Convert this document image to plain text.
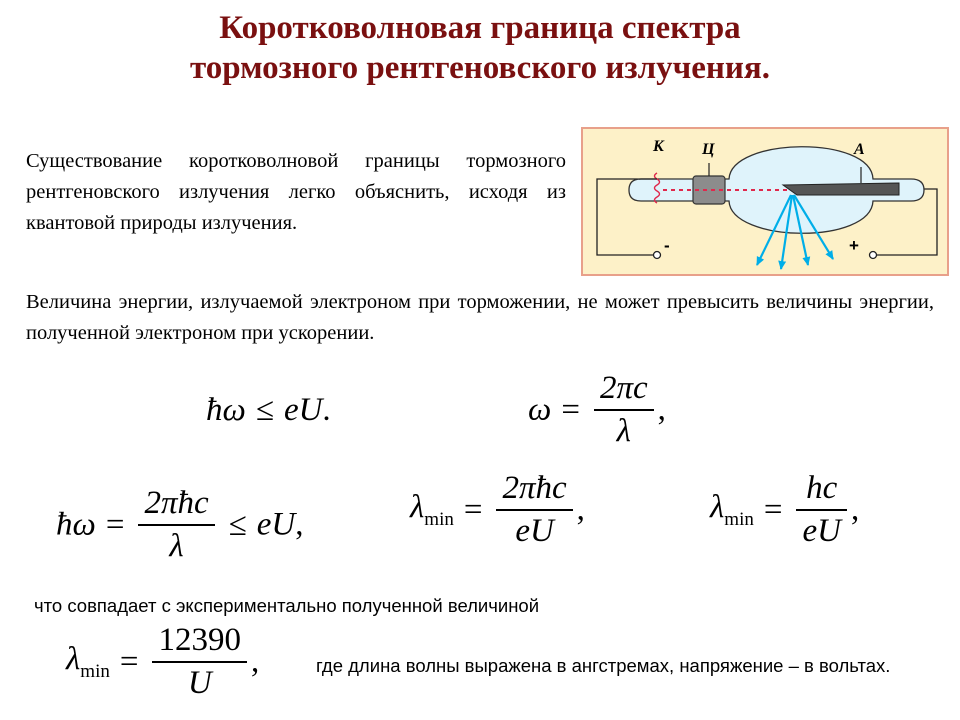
Коротковолновая граница спектра
тормозного рентгеновского излучения.
Существование коротковолновой границы тормозного рентгеновского излучения легко объяснить, исходя из квантовой природы излучения.
К Ц	А
-	+
Величина энергии, излучаемой электроном при торможении, не может превысить величины энергии, полученной электроном при ускорении.
ħω ≤ eU.	$\omega = \frac{2\pi c}{\lambda}$ ,
ħω = $\frac{\text{2πħc}}{\lambda}$ ≤ eU,	$\lambda_{min} = \frac{\text{2πħc}}{eU}$ ,	$\lambda_{min} = \frac{hc}{eU}$ ,
что совпадает с экспериментально полученной величиной
$\lambda_{min} = \frac{12390}{U}$ ,	где длина волны выражена в ангстремах, напряжение – в вольтах.
